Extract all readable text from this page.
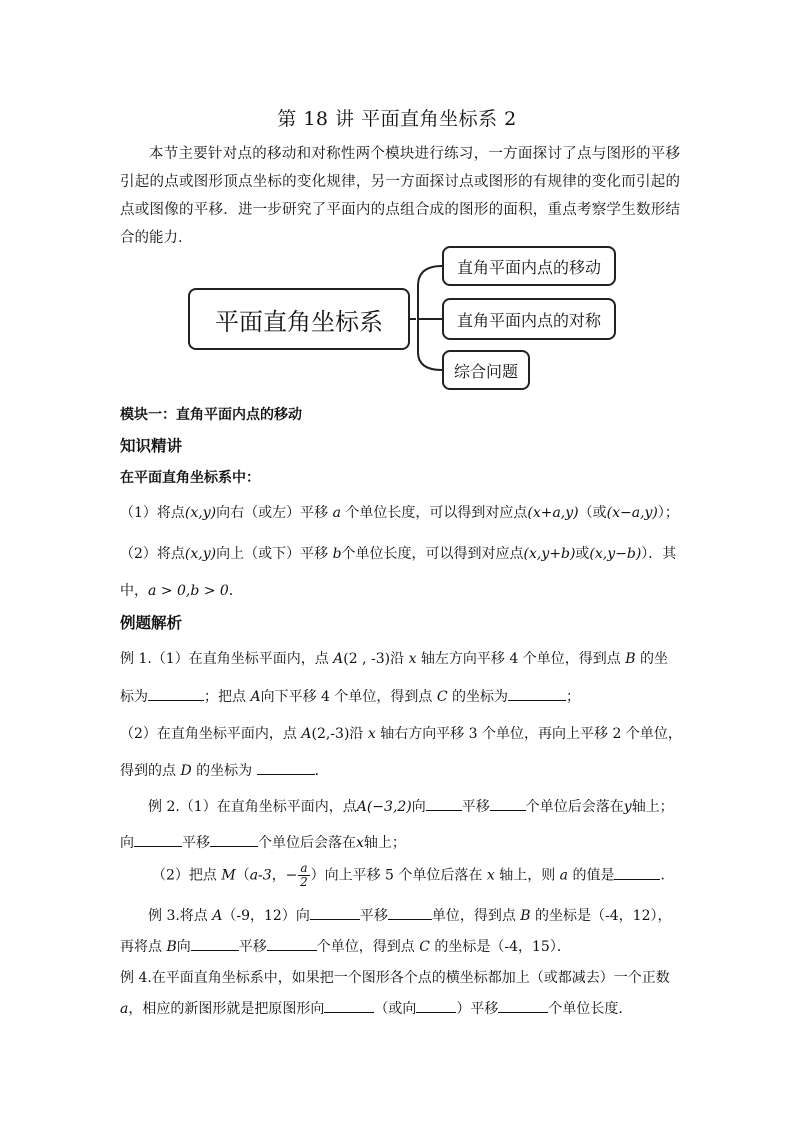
第 18 讲 平面直角坐标系 2
本节主要针对点的移动和对称性两个模块进行练习，一方面探讨了点与图形的平移引起的点或图形顶点坐标的变化规律，另一方面探讨点或图形的有规律的变化而引起的点或图像的平移．进一步研究了平面内的点组合成的图形的面积，重点考察学生数形结合的能力．
平面直角坐标系
直角平面内点的移动
直角平面内点的对称
综合问题
模块一：直角平面内点的移动
知识精讲
在平面直角坐标系中：
（1）将点(x,y)向右（或左）平移 a 个单位长度，可以得到对应点(x+a,y)（或(x−a,y)）；
（2）将点(x,y)向上（或下）平移 b个单位长度，可以得到对应点(x,y+b)或(x,y−b)）．其
中，a > 0,b > 0．
例题解析
例 1.（1）在直角坐标平面内，点 A(2 , -3)沿 x 轴左方向平移 4 个单位，得到点 B 的坐
标为	；把点 A向下平移 4 个单位，得到点 C 的坐标为	；
（2）在直角坐标平面内，点 A(2,-3)沿 x 轴右方向平移 3 个单位，再向上平移 2 个单位，
得到的点 D 的坐标为	．
例 2.（1）在直角坐标平面内，点A(−3,2)向	平移	个单位后会落在y轴上；
向	平移	个单位后会落在x轴上；
（2）把点 M（a-3，− $\frac{a}{2}$ ）向上平移 5 个单位后落在 x 轴上，则 a 的值是	．
例 3.将点 A（-9，12）向	平移	单位，得到点 B 的坐标是（-4，12），
再将点 B向	平移	个单位，得到点 C 的坐标是（-4，15）．
例 4.在平面直角坐标系中，如果把一个图形各个点的横坐标都加上（或都减去）一个正数
a，相应的新图形就是把原图形向	（或向	）平移	个单位长度．
